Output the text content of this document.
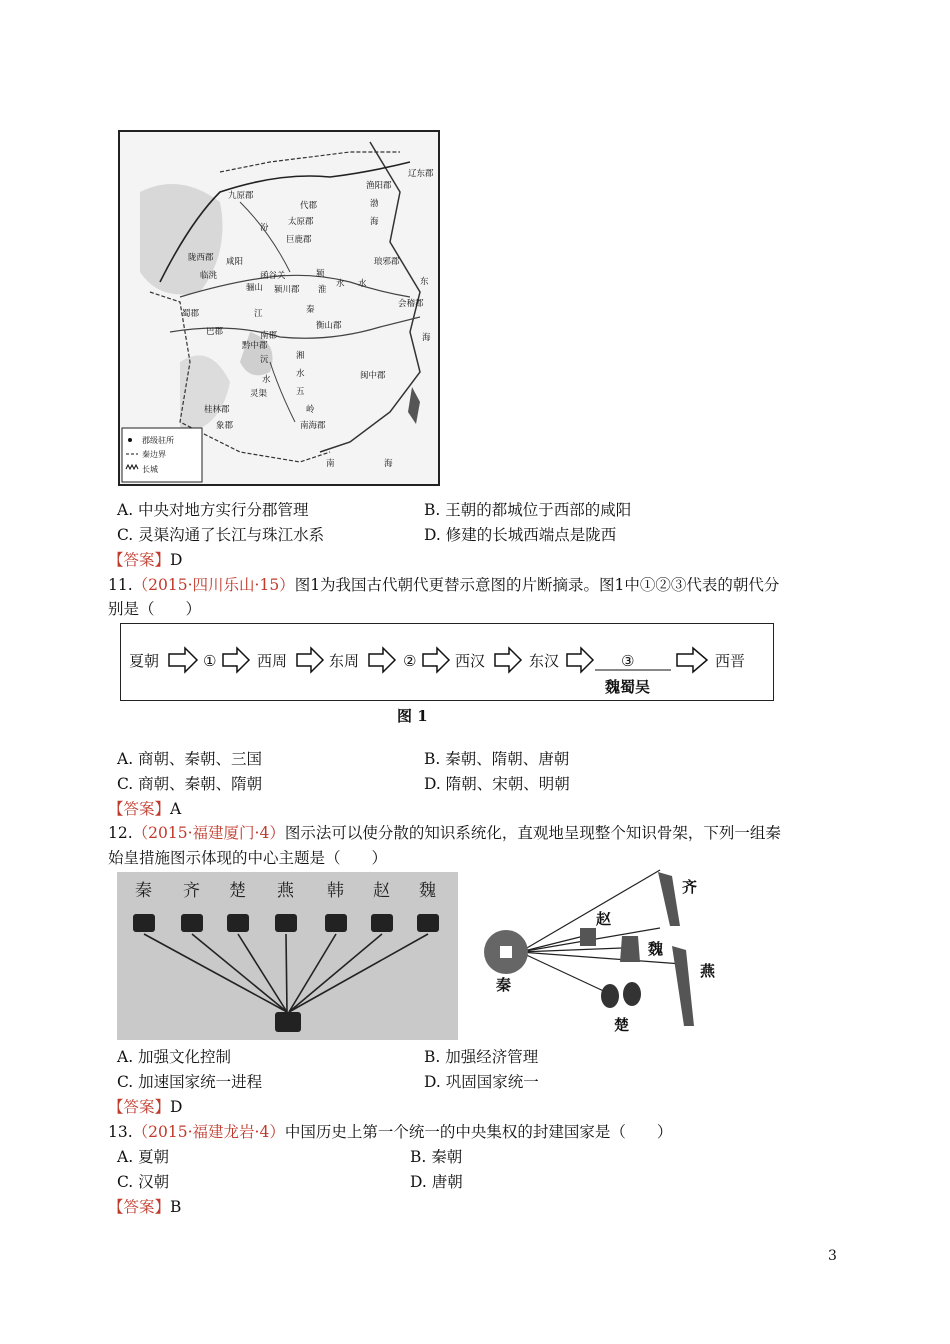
郡级驻所
秦边界
长城
九原郡
渔阳郡
辽东郡
代郡
太原郡
汾
巨鹿郡
渤
海
陇西郡 咸阳
临洮	函谷关	颍
骊山 颍川郡 淮
水 水
琅邪郡
东
会稽郡
海
蜀郡
巴郡
江
南郡
衡山郡
秦
黔中郡
沅	湘
水
水
灵渠	五
闽中郡
岭
桂林郡
象郡	南海郡
南	海
A. 中央对地方实行分郡管理	B. 王朝的都城位于西部的咸阳
C. 灵渠沟通了长江与珠江水系	D. 修建的长城西端点是陇西
【答案】D
11.（2015·四川乐山·15）图1为我国古代朝代更替示意图的片断摘录。图1中①②③代表的朝代分
别是（　　）
夏朝	①	西周	东周	②	西汉	东汉	③	西晋
魏蜀吴
图 1
A. 商朝、秦朝、三国	B. 秦朝、隋朝、唐朝
C. 商朝、秦朝、隋朝	D. 隋朝、宋朝、明朝
【答案】A
12.（2015·福建厦门·4）图示法可以使分散的知识系统化，直观地呈现整个知识骨架，下列一组秦
始皇措施图示体现的中心主题是（　　）
秦 齐 楚 燕 韩 赵 魏	齐
赵
魏
秦
燕
楚
A. 加强文化控制	B. 加强经济管理
C. 加速国家统一进程	D. 巩固国家统一
【答案】D
13.（2015·福建龙岩·4）中国历史上第一个统一的中央集权的封建国家是（　　）
A. 夏朝	B. 秦朝
C. 汉朝	D. 唐朝
【答案】B
3
